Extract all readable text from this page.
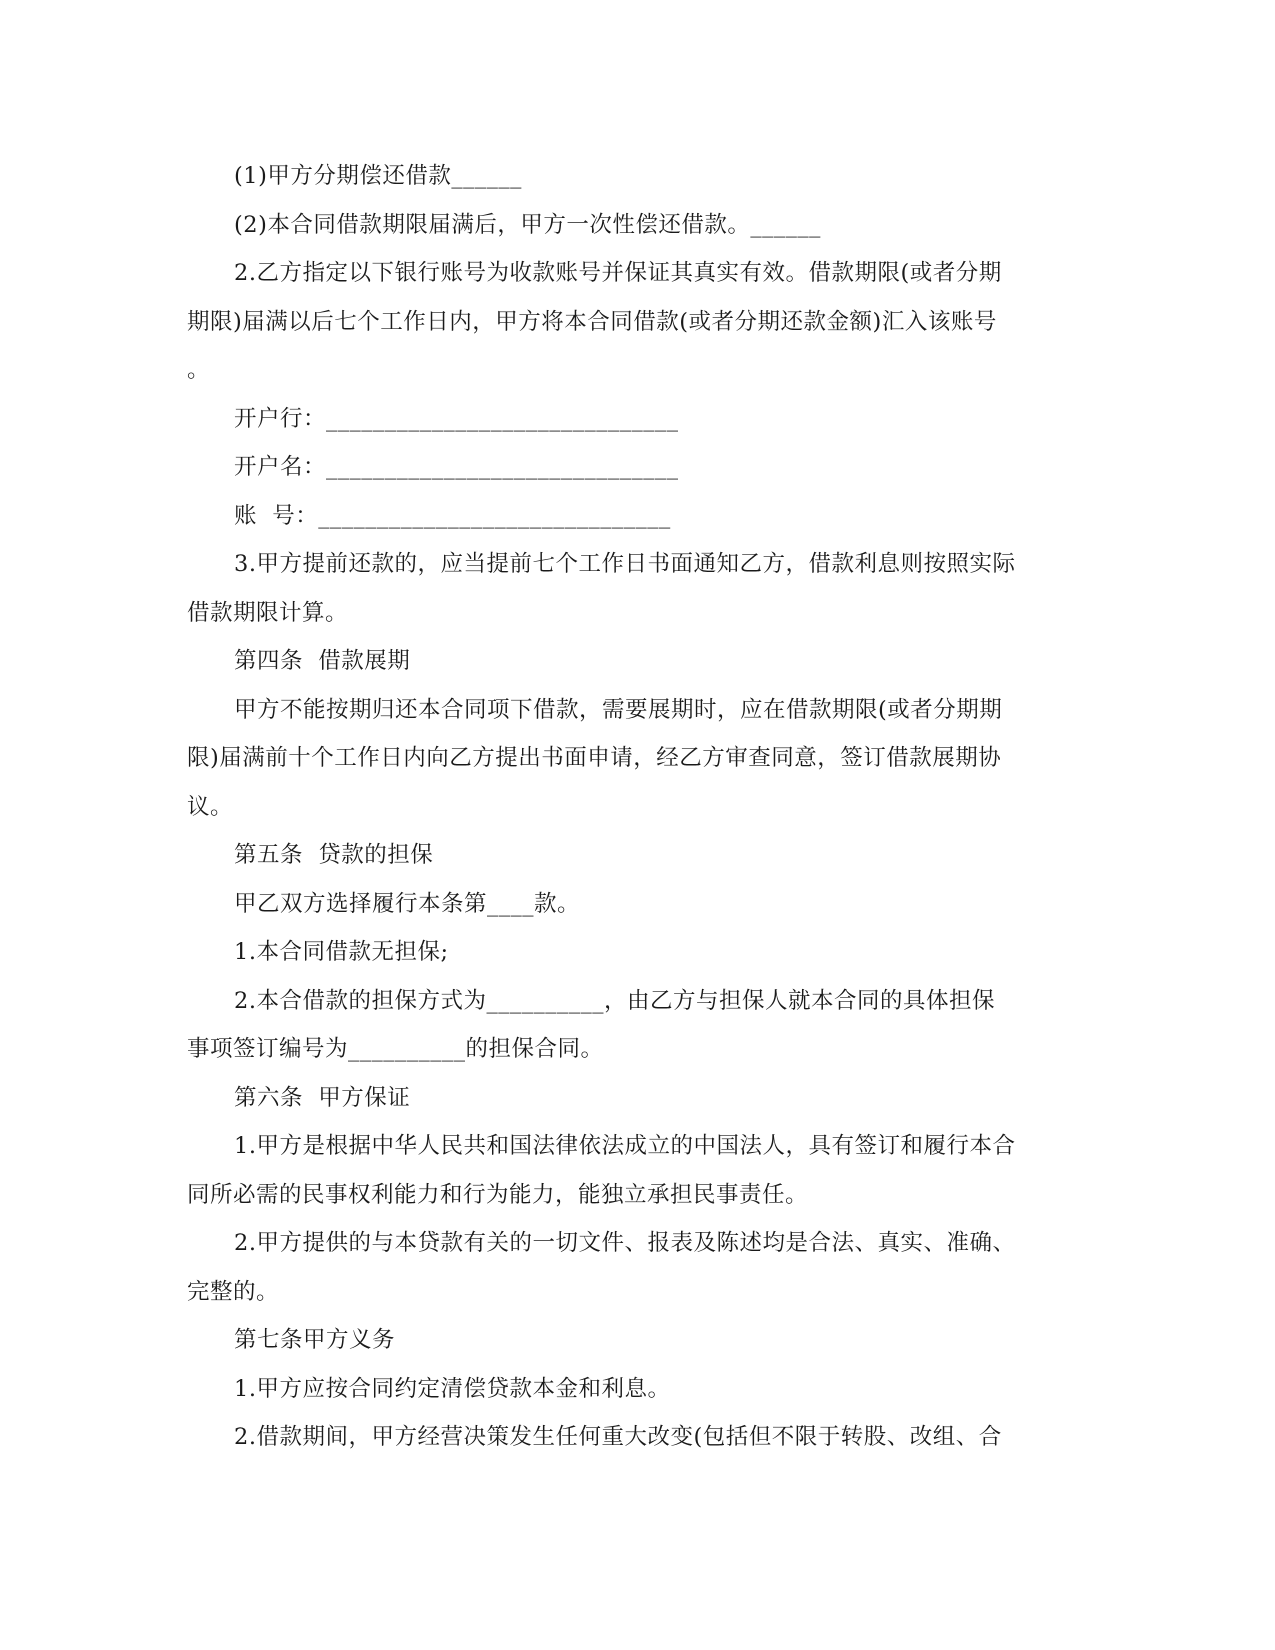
(1)甲方分期偿还借款______
(2)本合同借款期限届满后，甲方一次性偿还借款。______
2.乙方指定以下银行账号为收款账号并保证其真实有效。借款期限(或者分期
期限)届满以后七个工作日内，甲方将本合同借款(或者分期还款金额)汇入该账号
。
开户行：______________________________
开户名：______________________________
账  号：______________________________
3.甲方提前还款的，应当提前七个工作日书面通知乙方，借款利息则按照实际
借款期限计算。
第四条  借款展期
甲方不能按期归还本合同项下借款，需要展期时，应在借款期限(或者分期期
限)届满前十个工作日内向乙方提出书面申请，经乙方审查同意，签订借款展期协
议。
第五条  贷款的担保
甲乙双方选择履行本条第____款。
1.本合同借款无担保;
2.本合借款的担保方式为__________，由乙方与担保人就本合同的具体担保
事项签订编号为__________的担保合同。
第六条  甲方保证
1.甲方是根据中华人民共和国法律依法成立的中国法人，具有签订和履行本合
同所必需的民事权利能力和行为能力，能独立承担民事责任。
2.甲方提供的与本贷款有关的一切文件、报表及陈述均是合法、真实、准确、
完整的。
第七条甲方义务
1.甲方应按合同约定清偿贷款本金和利息。
2.借款期间，甲方经营决策发生任何重大改变(包括但不限于转股、改组、合
